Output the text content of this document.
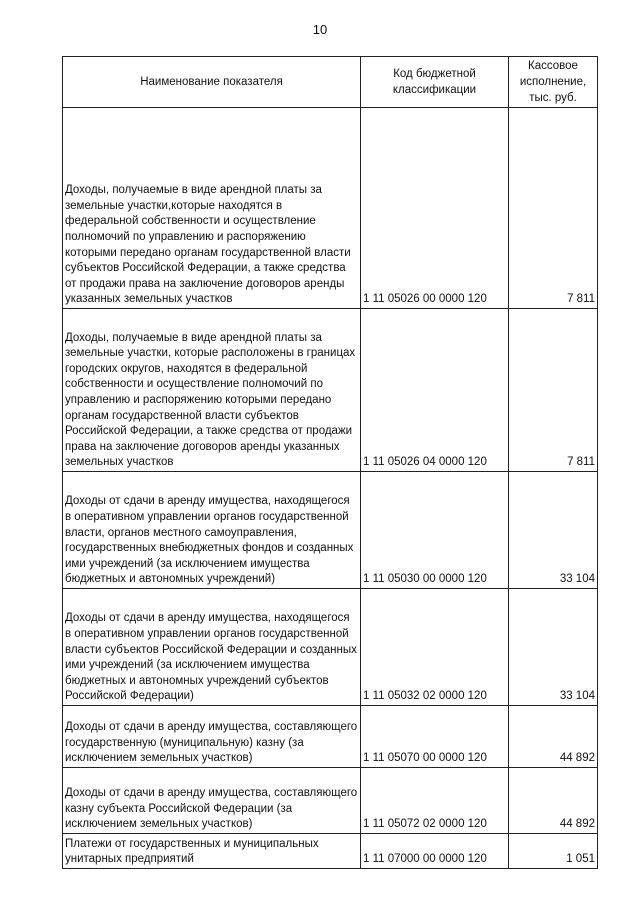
10
Наименование показателя	Код бюджетной классификации	Кассовое исполнение, тыс. руб.
Доходы, получаемые в виде арендной платы за земельные участки,которые находятся в федеральной собственности и осуществление полномочий по управлению и распоряжению которыми передано органам государственной власти субъектов Российской Федерации, а также средства от продажи права на заключение договоров аренды указанных земельных участков	1 11 05026 00 0000 120	7 811
Доходы, получаемые в виде арендной платы за земельные участки, которые расположены в границах городских округов, находятся в федеральной собственности и осуществление полномочий по управлению и распоряжению которыми передано органам государственной власти субъектов Российской Федерации, а также средства от продажи права на заключение договоров аренды указанных земельных участков	1 11 05026 04 0000 120	7 811
Доходы от сдачи в аренду имущества, находящегося в оперативном управлении органов государственной власти, органов местного самоуправления, государственных внебюджетных фондов и созданных ими учреждений (за исключением имущества бюджетных и автономных учреждений)	1 11 05030 00 0000 120	33 104
Доходы от сдачи в аренду имущества, находящегося в оперативном управлении органов государственной власти субъектов Российской Федерации и созданных ими учреждений (за исключением имущества бюджетных и автономных учреждений субъектов Российской Федерации)	1 11 05032 02 0000 120	33 104
Доходы от сдачи в аренду имущества, составляющего государственную (муниципальную) казну (за исключением земельных участков)	1 11 05070 00 0000 120	44 892
Доходы от сдачи в аренду имущества, составляющего казну субъекта Российской Федерации (за исключением земельных участков)	1 11 05072 02 0000 120	44 892
Платежи от государственных и муниципальных унитарных предприятий	1 11 07000 00 0000 120	1 051
